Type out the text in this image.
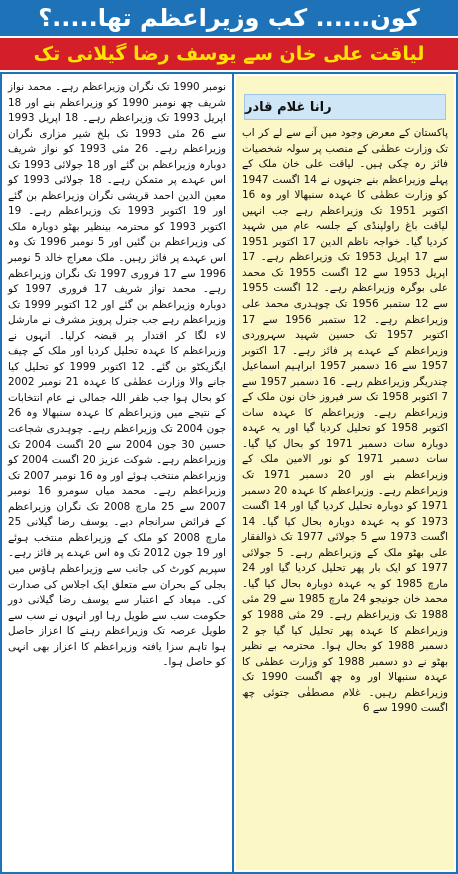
کون...... کب وزیراعظم تھا.....؟
لیاقت علی خان سے یوسف رضا گیلانی تک
رانا غلام قادر
پاکستان کے معرض وجود میں آنے سے لے کر اب تک وزارت عظمٰی کے منصب پر سولہ شخصیات فائز رہ چکی ہیں۔ لیاقت علی خان ملک کے پہلے وزیراعظم بنے جنہوں نے 14 اگست 1947 کو وزارت عظمٰی کا عہدہ سنبھالا اور وہ 16 اکتوبر 1951 تک وزیراعظم رہے جب انہیں لیاقت باغ راولپنڈی کے جلسہ عام میں شہید کردیا گیا۔ خواجہ ناظم الدین 17 اکتوبر 1951 سے 17 اپریل 1953 تک وزیراعظم رہے۔ 17 اپریل 1953 سے 12 اگست 1955 تک محمد علی بوگرہ وزیراعظم رہے۔ 12 اگست 1955 سے 12 ستمبر 1956 تک چوہدری محمد علی وزیراعظم رہے۔ 12 ستمبر 1956 سے 17 اکتوبر 1957 تک حسین شہید سہروردی وزیراعظم کے عہدے پر فائز رہے۔ 17 اکتوبر 1957 سے 16 دسمبر 1957 ابراہیم اسماعیل چندریگر وزیراعظم رہے۔ 16 دسمبر 1957 سے 7 اکتوبر 1958 تک سر فیروز خان نون ملک کے وزیراعظم رہے۔ وزیراعظم کا عہدہ سات اکتوبر 1958 کو تحلیل کردیا گیا اور یہ عہدہ دوبارہ سات دسمبر 1971 کو بحال کیا گیا۔ سات دسمبر 1971 کو نور الامین ملک کے وزیراعظم بنے اور 20 دسمبر 1971 تک وزیراعظم رہے۔ وزیراعظم کا عہدہ 20 دسمبر 1971 کو دوبارہ تحلیل کردیا گیا اور 14 اگست 1973 کو یہ عہدہ دوبارہ بحال کیا گیا۔ 14 اگست 1973 سے 5 جولائی 1977 تک ذوالفقار علی بھٹو ملک کے وزیراعظم رہے۔ 5 جولائی 1977 کو ایک بار پھر تحلیل کردیا گیا اور 24 مارچ 1985 کو یہ عہدہ دوبارہ بحال کیا گیا۔ محمد خان جونیجو 24 مارچ 1985 سے 29 مئی 1988 تک وزیراعظم رہے۔ 29 مئی 1988 کو وزیراعظم کا عہدہ پھر تحلیل کیا گیا جو 2 دسمبر 1988 کو بحال ہوا۔ محترمہ بے نظیر بھٹو نے دو دسمبر 1988 کو وزارت عظمٰی کا عہدہ سنبھالا اور وہ چھ اگست 1990 تک وزیراعظم رہیں۔ غلام مصطفٰی جتوئی چھ اگست 1990 سے 6
نومبر 1990 تک نگران وزیراعظم رہے۔ محمد نواز شریف چھ نومبر 1990 کو وزیراعظم بنے اور 18 اپریل 1993 تک وزیراعظم رہے۔ 18 اپریل 1993 سے 26 مئی 1993 تک بلخ شیر مزاری نگران وزیراعظم رہے۔ 26 مئی 1993 کو نواز شریف دوبارہ وزیراعظم بن گئے اور 18 جولائی 1993 تک اس عہدے پر متمکن رہے۔ 18 جولائی 1993 کو معین الدین احمد قریشی نگران وزیراعظم بن گئے اور 19 اکتوبر 1993 تک وزیراعظم رہے۔ 19 اکتوبر 1993 کو محترمہ بینظیر بھٹو دوبارہ ملک کی وزیراعظم بن گئیں اور 5 نومبر 1996 تک وہ اس عہدے پر فائز رہیں۔ ملک معراج خالد 5 نومبر 1996 سے 17 فروری 1997 تک نگران وزیراعظم رہے۔ محمد نواز شریف 17 فروری 1997 کو دوبارہ وزیراعظم بن گئے اور 12 اکتوبر 1999 تک وزیراعظم رہے جب جنرل پرویز مشرف نے مارشل لاء لگا کر اقتدار پر قبضہ کرلیا۔ انہوں نے وزیراعظم کا عہدہ تحلیل کردیا اور ملک کے چیف ایگزیکٹو بن گئے۔ 12 اکتوبر 1999 کو تحلیل کیا جانے والا وزارت عظمٰی کا عہدہ 21 نومبر 2002 کو بحال ہوا جب ظفر اللہ جمالی نے عام انتخابات کے نتیجے میں وزیراعظم کا عہدہ سنبھالا وہ 26 جون 2004 تک وزیراعظم رہے۔ چوہدری شجاعت حسین 30 جون 2004 سے 20 اگست 2004 تک وزیراعظم رہے۔ شوکت عزیز 20 اگست 2004 کو وزیراعظم منتخب ہوئے اور وہ 16 نومبر 2007 تک وزیراعظم رہے۔ محمد میاں سومرو 16 نومبر 2007 سے 25 مارچ 2008 تک نگران وزیراعظم کے فرائض سرانجام دیے۔ یوسف رضا گیلانی 25 مارچ 2008 کو ملک کے وزیراعظم منتخب ہوئے اور 19 جون 2012 تک وہ اس عہدے پر فائز رہے۔ سپریم کورٹ کی جانب سے وزیراعظم ہاؤس میں بجلی کے بحران سے متعلق ایک اجلاس کی صدارت کی۔ میعاد کے اعتبار سے یوسف رضا گیلانی دور حکومت سب سے طویل رہا اور انہوں نے سب سے طویل عرصہ تک وزیراعظم رہنے کا اعزاز حاصل ہوا تاہم سزا یافتہ وزیراعظم کا اعزاز بھی انہی کو حاصل ہوا۔
